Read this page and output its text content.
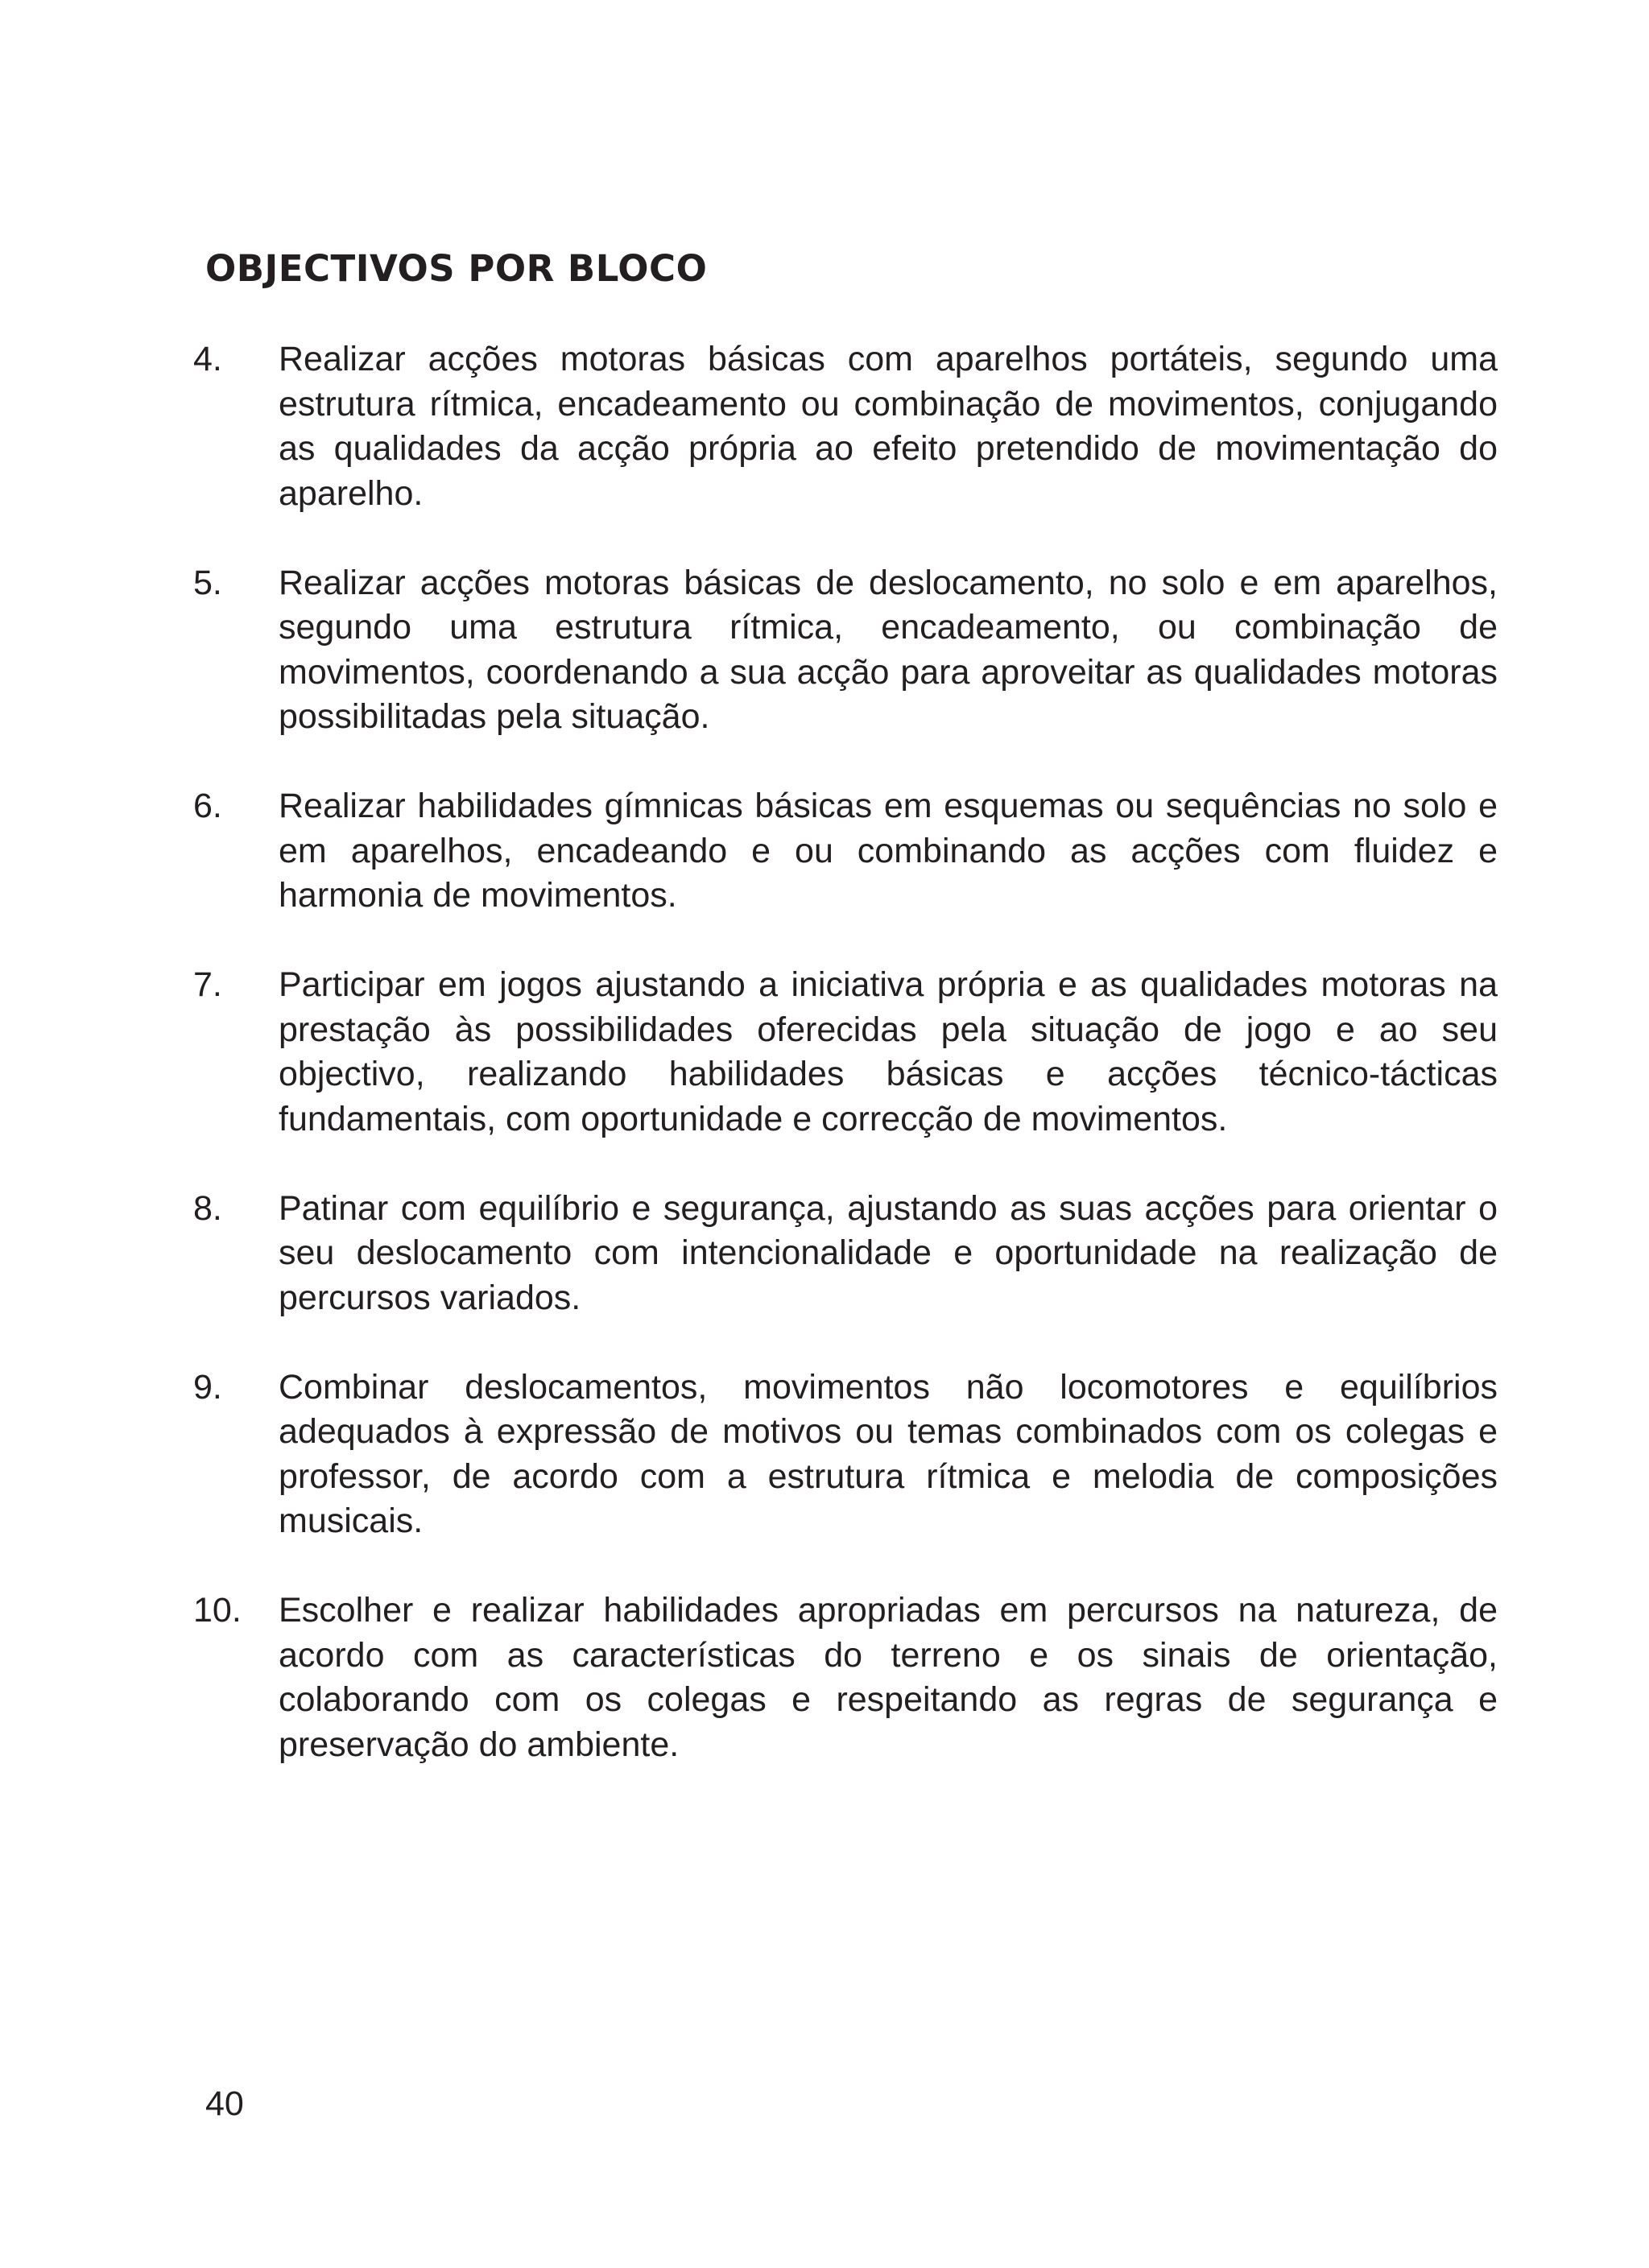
OBJECTIVOS POR BLOCO
4.	Realizar acções motoras básicas com aparelhos portáteis, segundo uma estrutura rítmica, encadeamento ou combinação de movimentos, conjugando as qualidades da acção própria ao efeito pretendido de movimentação do aparelho.
5.	Realizar acções motoras básicas de deslocamento, no solo e em aparelhos, segundo uma estrutura rítmica, encadeamento, ou combinação de movimentos, coordenando a sua acção para aproveitar as qualidades motoras possibilitadas pela situação.
6.	Realizar habilidades gímnicas básicas em esquemas ou sequências no solo e em aparelhos, encadeando e ou combinando as acções com fluidez e harmonia de movimentos.
7.	Participar em jogos ajustando a iniciativa própria e as qualidades motoras na prestação às possibilidades oferecidas pela situação de jogo e ao seu objectivo, realizando habilidades básicas e acções técnico-tácticas fundamentais, com oportunidade e correcção de movimentos.
8.	Patinar com equilíbrio e segurança, ajustando as suas acções para orientar o seu deslocamento com intencionalidade e oportunidade na realização de percursos variados.
9.	Combinar deslocamentos, movimentos não locomotores e equilíbrios adequados à expressão de motivos ou temas combinados com os colegas e professor, de acordo com a estrutura rítmica e melodia de composições musicais.
10.	Escolher e realizar habilidades apropriadas em percursos na natureza, de acordo com as características do terreno e os sinais de orientação, colaborando com os colegas e respeitando as regras de segurança e preservação do ambiente.

40
